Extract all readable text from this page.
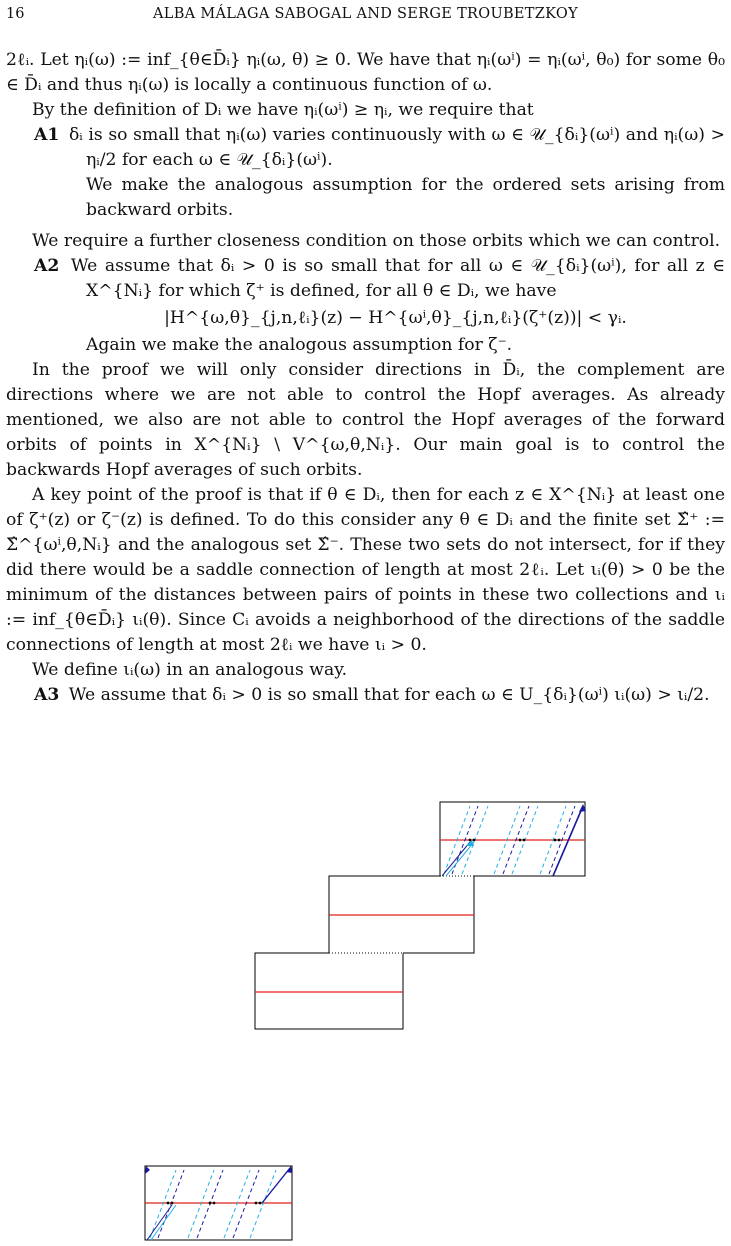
16	ALBA MÁLAGA SABOGAL AND SERGE TROUBETZKOY

2ℓᵢ. Let ηᵢ(ω) := inf_{θ∈D̄ᵢ} ηᵢ(ω, θ) ≥ 0. We have that ηᵢ(ωⁱ) = ηᵢ(ωⁱ, θ₀) for some θ₀ ∈ D̄ᵢ and thus ηᵢ(ω) is locally a continuous function of ω.

By the definition of Dᵢ we have ηᵢ(ωⁱ) ≥ ηᵢ, we require that

A1 δᵢ is so small that ηᵢ(ω) varies continuously with ω ∈ 𝒰_{δᵢ}(ωⁱ) and ηᵢ(ω) > ηᵢ/2 for each ω ∈ 𝒰_{δᵢ}(ωⁱ).
We make the analogous assumption for the ordered sets arising from backward orbits.

We require a further closeness condition on those orbits which we can control.

A2 We assume that δᵢ > 0 is so small that for all ω ∈ 𝒰_{δᵢ}(ωⁱ), for all z ∈ X^{Nᵢ} for which ζ⁺ is defined, for all θ ∈ Dᵢ, we have
|H^{ω,θ}_{j,n,ℓᵢ}(z) − H^{ωⁱ,θ}_{j,n,ℓᵢ}(ζ⁺(z))| < γᵢ.
Again we make the analogous assumption for ζ⁻.

In the proof we will only consider directions in D̄ᵢ, the complement are directions where we are not able to control the Hopf averages. As already mentioned, we also are not able to control the Hopf averages of the forward orbits of points in X^{Nᵢ} \ V^{ω,θ,Nᵢ}. Our main goal is to control the backwards Hopf averages of such orbits.

A key point of the proof is that if θ ∈ Dᵢ, then for each z ∈ X^{Nᵢ} at least one of ζ⁺(z) or ζ⁻(z) is defined. To do this consider any θ ∈ Dᵢ and the finite set Σ̂⁺ := Σ̂^{ωⁱ,θ,Nᵢ} and the analogous set Σ̂⁻. These two sets do not intersect, for if they did there would be a saddle connection of length at most 2ℓᵢ. Let ιᵢ(θ) > 0 be the minimum of the distances between pairs of points in these two collections and ιᵢ := inf_{θ∈D̄ᵢ} ιᵢ(θ). Since Cᵢ avoids a neighborhood of the directions of the saddle connections of length at most 2ℓᵢ we have ιᵢ > 0.

We define ιᵢ(ω) in an analogous way.

A3 We assume that δᵢ > 0 is so small that for each ω ∈ U_{δᵢ}(ωⁱ) ιᵢ(ω) > ιᵢ/2.
